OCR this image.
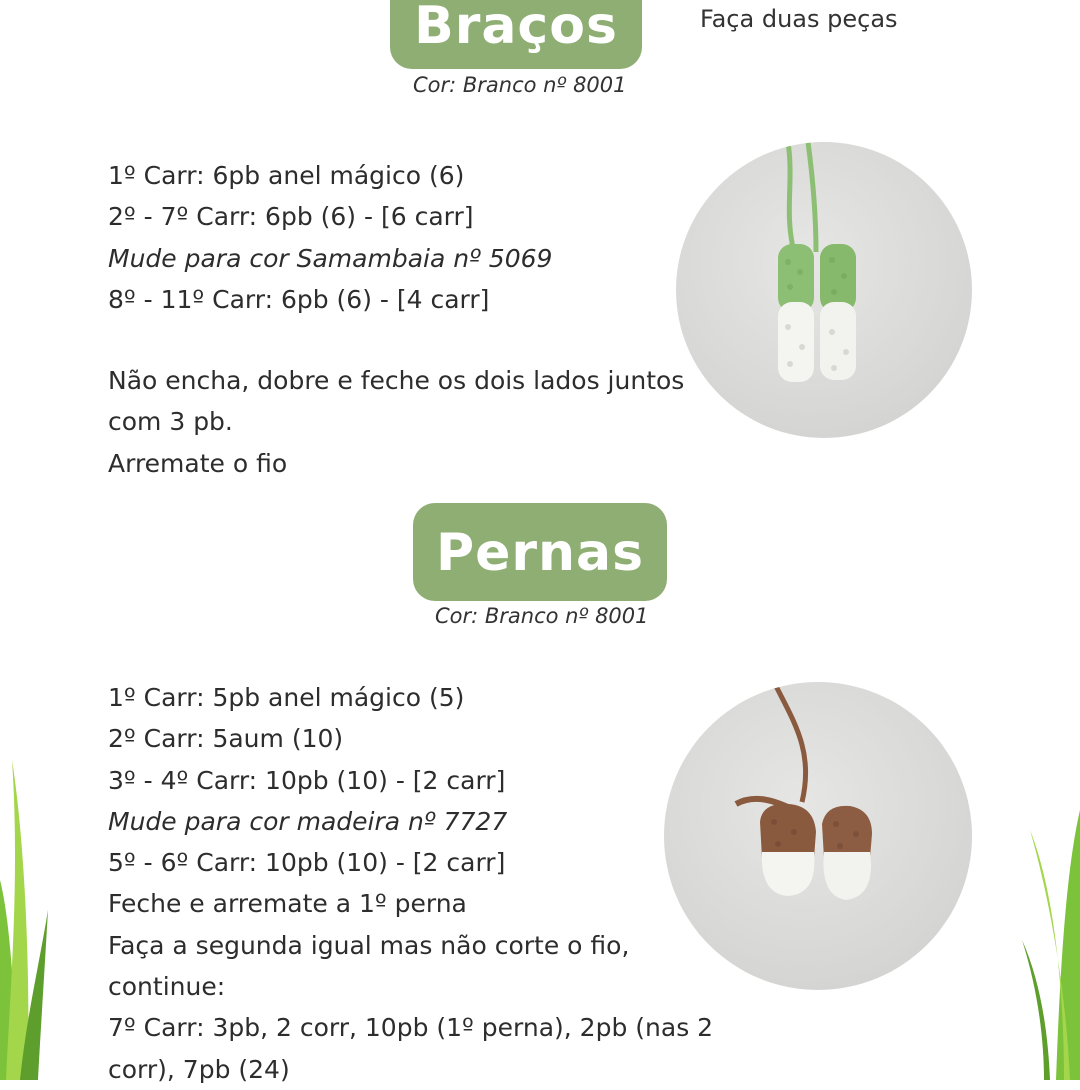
Braços	Faça duas peças
Cor: Branco nº 8001
1º Carr: 6pb anel mágico (6)
2º - 7º Carr: 6pb (6) - [6 carr]
Mude para cor Samambaia nº 5069
8º - 11º Carr: 6pb (6) - [4 carr]
Não encha, dobre e feche os dois lados juntos
com 3 pb.
Arremate o fio
Pernas
Cor: Branco nº 8001
1º Carr: 5pb anel mágico (5)
2º Carr: 5aum (10)
3º - 4º Carr: 10pb (10) - [2 carr]
Mude para cor madeira nº 7727
5º - 6º Carr: 10pb (10) - [2 carr]
Feche e arremate a 1º perna
Faça a segunda igual mas não corte o fio,
continue:
7º Carr: 3pb, 2 corr, 10pb (1º perna), 2pb (nas 2
corr), 7pb (24)
